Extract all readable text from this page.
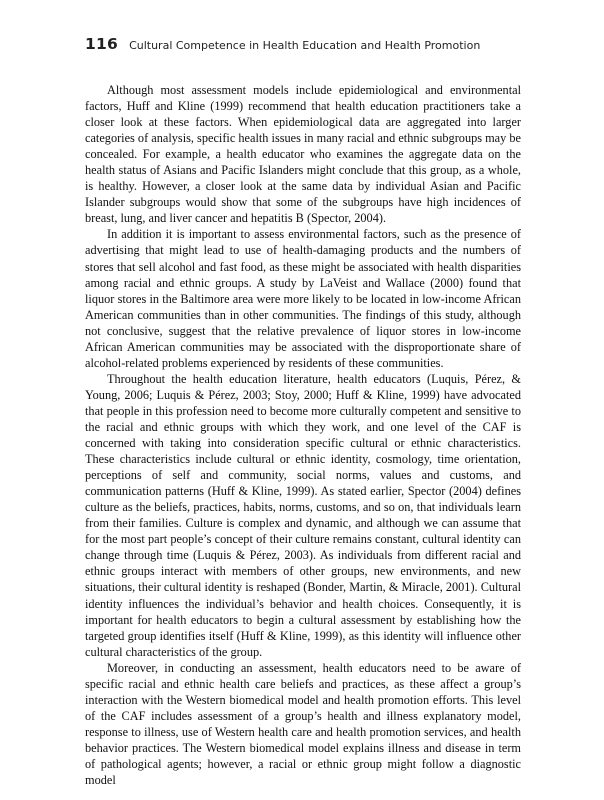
116 Cultural Competence in Health Education and Health Promotion

Although most assessment models include epidemiological and environmental factors, Huff and Kline (1999) recommend that health education practitioners take a closer look at these factors. When epidemiological data are aggregated into larger categories of analysis, specific health issues in many racial and ethnic subgroups may be concealed. For example, a health educator who examines the aggregate data on the health status of Asians and Pacific Islanders might conclude that this group, as a whole, is healthy. However, a closer look at the same data by individual Asian and Pacific Islander subgroups would show that some of the subgroups have high incidences of breast, lung, and liver cancer and hepatitis B (Spector, 2004).

In addition it is important to assess environmental factors, such as the presence of advertising that might lead to use of health-damaging products and the numbers of stores that sell alcohol and fast food, as these might be associated with health disparities among racial and ethnic groups. A study by LaVeist and Wallace (2000) found that liquor stores in the Baltimore area were more likely to be located in low-income African American communities than in other communities. The findings of this study, although not conclusive, suggest that the relative prevalence of liquor stores in low-income African American communities may be associated with the disproportionate share of alcohol-related problems experienced by residents of these communities.

Throughout the health education literature, health educators (Luquis, Pérez, & Young, 2006; Luquis & Pérez, 2003; Stoy, 2000; Huff & Kline, 1999) have advocated that people in this profession need to become more culturally competent and sensitive to the racial and ethnic groups with which they work, and one level of the CAF is concerned with taking into consideration specific cultural or ethnic characteristics. These characteristics include cultural or ethnic identity, cosmology, time orientation, perceptions of self and community, social norms, values and customs, and communication patterns (Huff & Kline, 1999). As stated earlier, Spector (2004) defines culture as the beliefs, practices, habits, norms, customs, and so on, that individuals learn from their families. Culture is complex and dynamic, and although we can assume that for the most part people’s concept of their culture remains constant, cultural identity can change through time (Luquis & Pérez, 2003). As individuals from different racial and ethnic groups interact with members of other groups, new environments, and new situations, their cultural identity is reshaped (Bonder, Martin, & Miracle, 2001). Cultural identity influences the individual’s behavior and health choices. Consequently, it is important for health educators to begin a cultural assessment by establishing how the targeted group identifies itself (Huff & Kline, 1999), as this identity will influence other cultural characteristics of the group.

Moreover, in conducting an assessment, health educators need to be aware of specific racial and ethnic health care beliefs and practices, as these affect a group’s interaction with the Western biomedical model and health promotion efforts. This level of the CAF includes assessment of a group’s health and illness explanatory model, response to illness, use of Western health care and health promotion services, and health behavior practices. The Western biomedical model explains illness and disease in term of pathological agents; however, a racial or ethnic group might follow a diagnostic model
